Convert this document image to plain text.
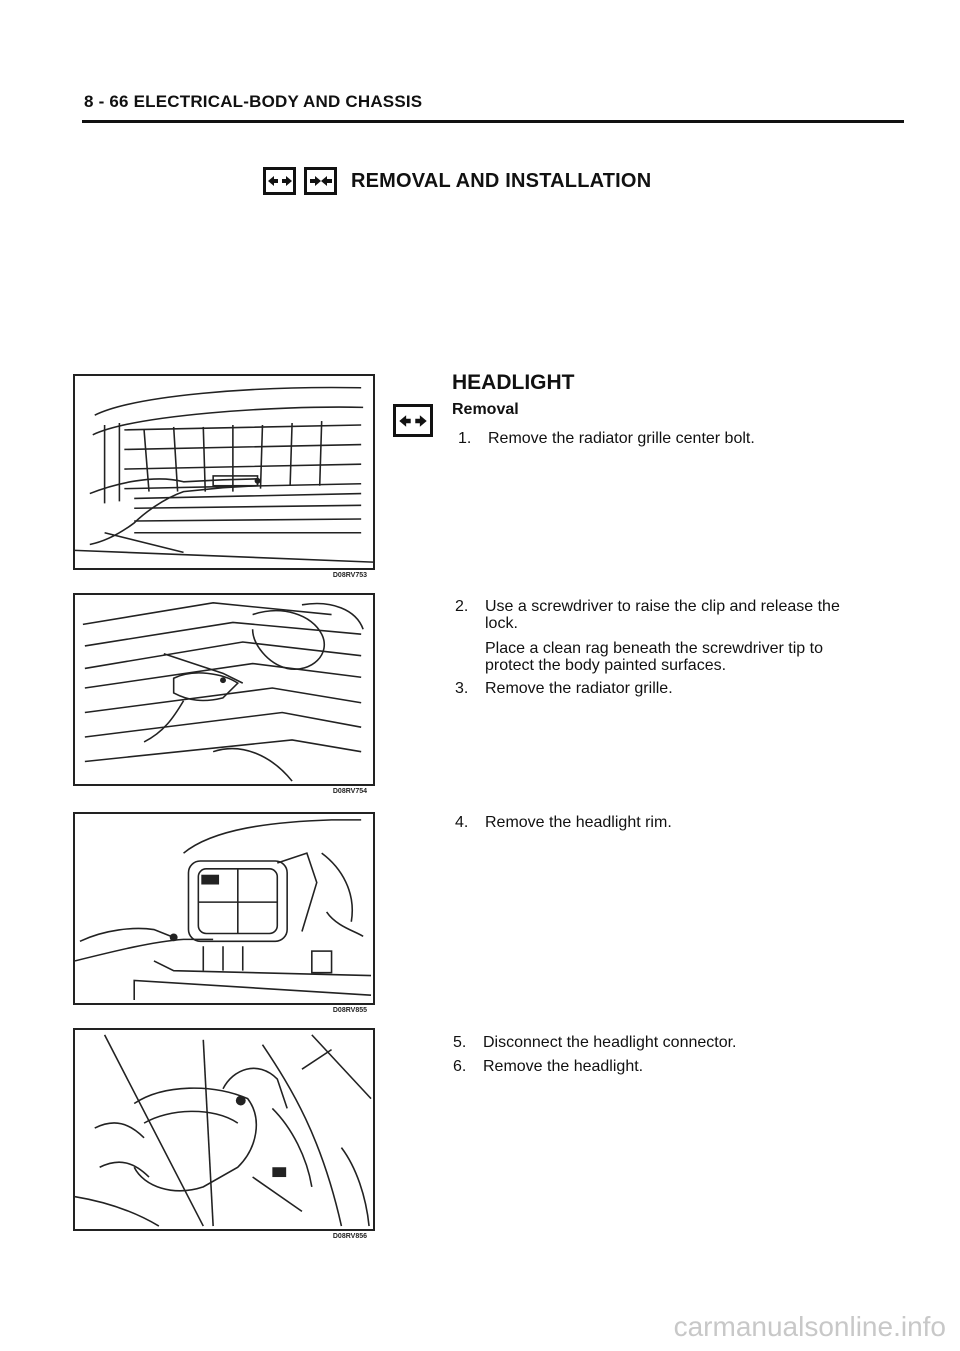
8 - 66 ELECTRICAL-BODY AND CHASSIS
REMOVAL AND INSTALLATION
D08RV753
D08RV754
D08RV855
D08RV856
HEADLIGHT
Removal
1. Remove the radiator grille center bolt.
2. Use a screwdriver to raise the clip and release the
lock.
Place a clean rag beneath the screwdriver tip to
protect the body painted surfaces.
3. Remove the radiator grille.
4. Remove the headlight rim.
5. Disconnect the headlight connector.
6. Remove the headlight.
carmanualsonline.info
